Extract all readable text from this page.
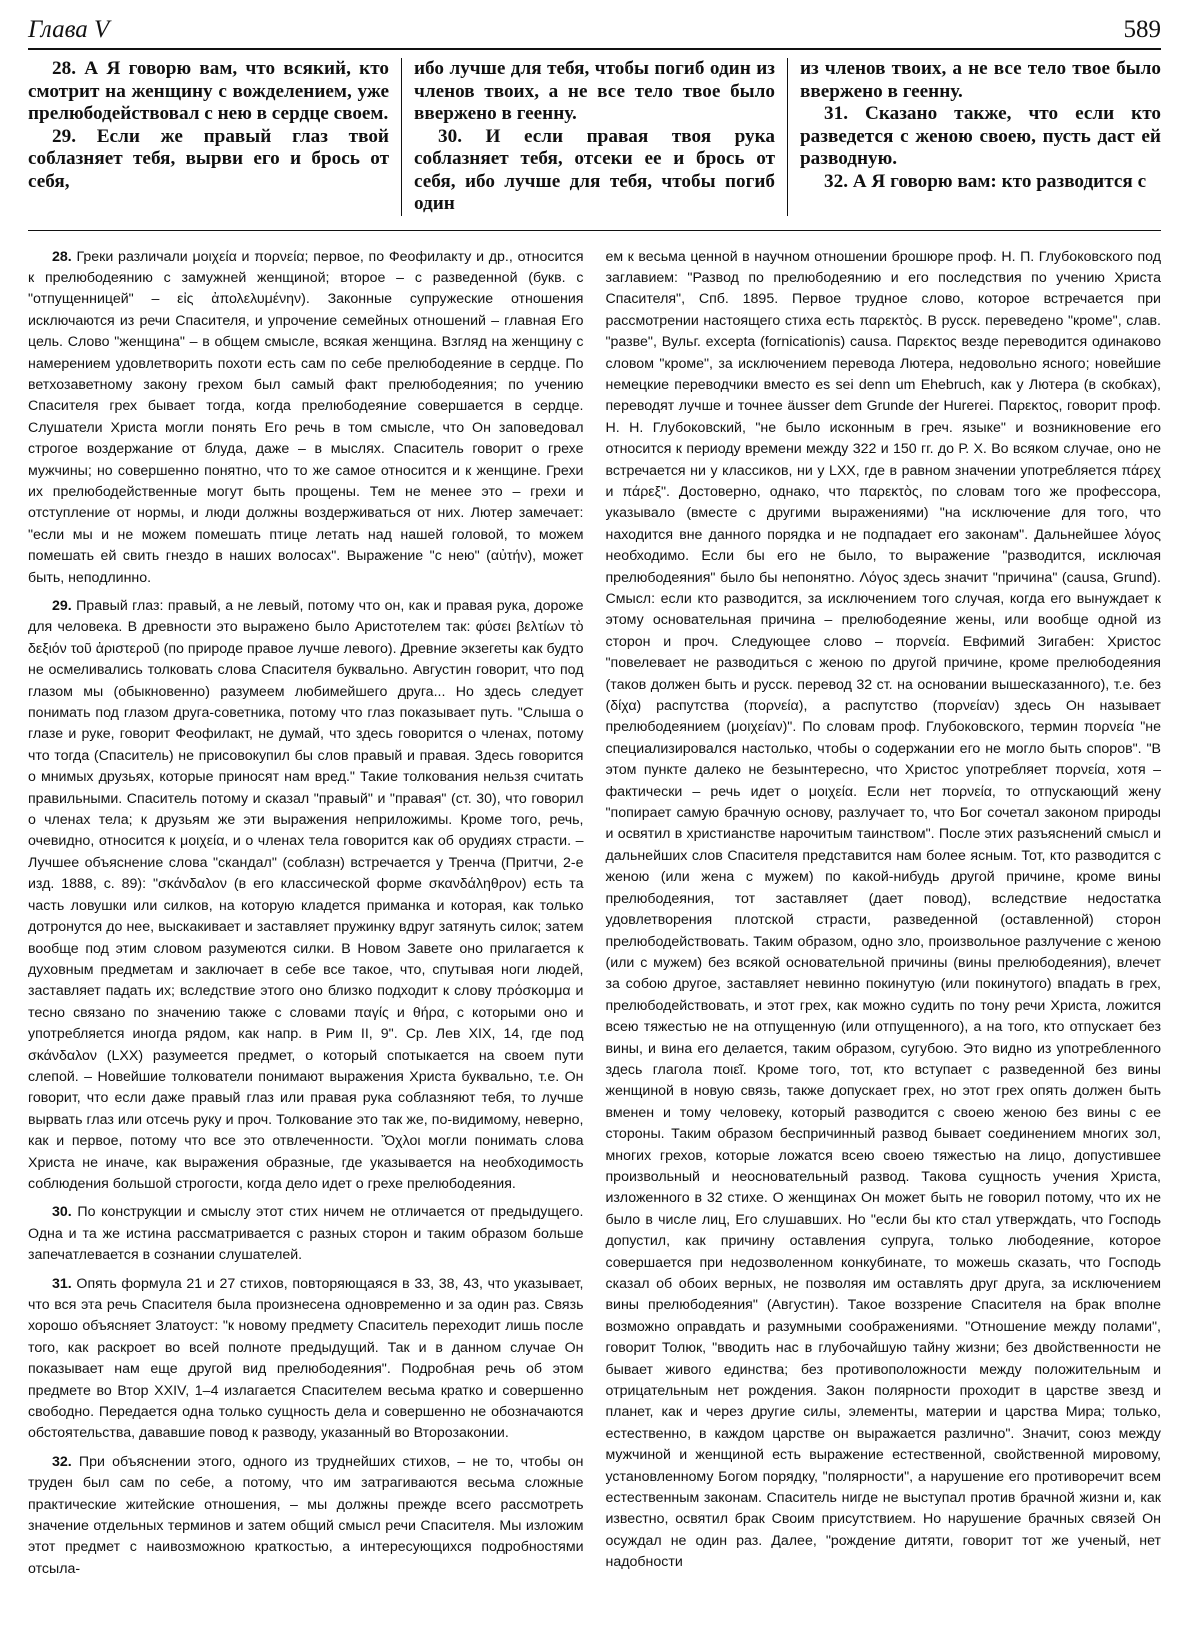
Глава V	589

28. А Я говорю вам, что всякий, кто смотрит на женщину с вожделением, уже прелюбодействовал с нею в сердце своем.

29. Если же правый глаз твой соблазняет тебя, вырви его и брось от себя,

ибо лучше для тебя, чтобы погиб один из членов твоих, а не все тело твое было ввержено в геенну.

30. И если правая твоя рука соблазняет тебя, отсеки ее и брось от себя, ибо лучше для тебя, чтобы погиб один

из членов твоих, а не все тело твое было ввержено в геенну.

31. Сказано также, что если кто разведется с женою своею, пусть даст ей разводную.

32. А Я говорю вам: кто разводится с

28. Греки различали μοιχεία и πορνεία; первое, по Феофилакту и др., относится к прелюбодеянию с замужней женщиной; второе – с разведенной (букв. с "отпущенницей" – εἰς ἀπολελυμένην). Законные супружеские отношения исключаются из речи Спасителя, и упрочение семейных отношений – главная Его цель. Слово "женщина" – в общем смысле, всякая женщина. Взгляд на женщину с намерением удовлетворить похоти есть сам по себе прелюбодеяние в сердце. По ветхозаветному закону грехом был самый факт прелюбодеяния; по учению Спасителя грех бывает тогда, когда прелюбодеяние совершается в сердце. Слушатели Христа могли понять Его речь в том смысле, что Он заповедовал строгое воздержание от блуда, даже – в мыслях. Спаситель говорит о грехе мужчины; но совершенно понятно, что то же самое относится и к женщине. Грехи их прелюбодейственные могут быть прощены. Тем не менее это – грехи и отступление от нормы, и люди должны воздерживаться от них. Лютер замечает: "если мы и не можем помешать птице летать над нашей головой, то можем помешать ей свить гнездо в наших волосах". Выражение "с нею" (αὐτήν), может быть, неподлинно.

29. Правый глаз: правый, а не левый, потому что он, как и правая рука, дороже для человека. В древности это выражено было Аристотелем так: φύσει βελτίων τὸ δεξιόν τοῦ ἀριστεροῦ (по природе правое лучше левого). Древние экзегеты как будто не осмеливались толковать слова Спасителя буквально. Августин говорит, что под глазом мы (обыкновенно) разумеем любимейшего друга... Но здесь следует понимать под глазом друга-советника, потому что глаз показывает путь. "Слыша о глазе и руке, говорит Феофилакт, не думай, что здесь говорится о членах, потому что тогда (Спаситель) не присовокупил бы слов правый и правая. Здесь говорится о мнимых друзьях, которые приносят нам вред." Такие толкования нельзя считать правильными. Спаситель потому и сказал "правый" и "правая" (ст. 30), что говорил о членах тела; к друзьям же эти выражения неприложимы. Кроме того, речь, очевидно, относится к μοιχεία, и о членах тела говорится как об орудиях страсти. – Лучшее объяснение слова "скандал" (соблазн) встречается у Тренча (Притчи, 2-е изд. 1888, с. 89): "σκάνδαλον (в его классической форме σκανδάληθρον) есть та часть ловушки или силков, на которую кладется приманка и которая, как только дотронутся до нее, выскакивает и заставляет пружинку вдруг затянуть силок; затем вообще под этим словом разумеются силки. В Новом Завете оно прилагается к духовным предметам и заключает в себе все такое, что, спутывая ноги людей, заставляет падать их; вследствие этого оно близко подходит к слову πρόσκομμα и тесно связано по значению также с словами παγίς и θήρα, с которыми оно и употребляется иногда рядом, как напр. в Рим II, 9". Ср. Лев XIX, 14, где под σκάνδαλον (LXX) разумеется предмет, о который спотыкается на своем пути слепой. – Новейшие толкователи понимают выражения Христа буквально, т.е. Он говорит, что если даже правый глаз или правая рука соблазняют тебя, то лучше вырвать глаз или отсечь руку и проч. Толкование это так же, по-видимому, неверно, как и первое, потому что все это отвлеченности. Ὄχλοι могли понимать слова Христа не иначе, как выражения образные, где указывается на необходимость соблюдения большой строгости, когда дело идет о грехе прелюбодеяния.

30. По конструкции и смыслу этот стих ничем не отличается от предыдущего. Одна и та же истина рассматривается с разных сторон и таким образом больше запечатлевается в сознании слушателей.

31. Опять формула 21 и 27 стихов, повторяющаяся в 33, 38, 43, что указывает, что вся эта речь Спасителя была произнесена одновременно и за один раз. Связь хорошо объясняет Златоуст: "к новому предмету Спаситель переходит лишь после того, как раскроет во всей полноте предыдущий. Так и в данном случае Он показывает нам еще другой вид прелюбодеяния". Подробная речь об этом предмете во Втор XXIV, 1–4 излагается Спасителем весьма кратко и совершенно свободно. Передается одна только сущность дела и совершенно не обозначаются обстоятельства, дававшие повод к разводу, указанный во Второзаконии.

32. При объяснении этого, одного из труднейших стихов, – не то, чтобы он труден был сам по себе, а потому, что им затрагиваются весьма сложные практические житейские отношения, – мы должны прежде всего рассмотреть значение отдельных терминов и затем общий смысл речи Спасителя. Мы изложим этот предмет с наивозможною краткостью, а интересующихся подробностями отсыла-

ем к весьма ценной в научном отношении брошюре проф. Н. П. Глубоковского под заглавием: "Развод по прелюбодеянию и его последствия по учению Христа Спасителя", Спб. 1895. Первое трудное слово, которое встречается при рассмотрении настоящего стиха есть παρεκτὸς. В русск. переведено "кроме", слав. "разве", Вульг. excepta (fornicationis) causa. Παρεκτος везде переводится одинаково словом "кроме", за исключением перевода Лютера, недовольно ясного; новейшие немецкие переводчики вместо es sei denn um Ehebruch, как у Лютера (в скобках), переводят лучше и точнее äusser dem Grunde der Hurerei. Παρεκτος, говорит проф. Н. Н. Глубоковский, "не было исконным в греч. языке" и возникновение его относится к периоду времени между 322 и 150 гг. до Р. Х. Во всяком случае, оно не встречается ни у классиков, ни у LXX, где в равном значении употребляется πάρεχ и πάρεξ". Достоверно, однако, что παρεκτὸς, по словам того же профессора, указывало (вместе с другими выражениями) "на исключение для того, что находится вне данного порядка и не подпадает его законам". Дальнейшее λόγος необходимо. Если бы его не было, то выражение "разводится, исключая прелюбодеяния" было бы непонятно. Λόγος здесь значит "причина" (causa, Grund). Смысл: если кто разводится, за исключением того случая, когда его вынуждает к этому основательная причина – прелюбодеяние жены, или вообще одной из сторон и проч. Следующее слово – πορνεία. Евфимий Зигабен: Христос "повелевает не разводиться с женою по другой причине, кроме прелюбодеяния (таков должен быть и русск. перевод 32 ст. на основании вышесказанного), т.е. без (δίχα) распутства (πορνεία), а распутство (πορνείαν) здесь Он называет прелюбодеянием (μοιχείαν)". По словам проф. Глубоковского, термин πορνεία "не специализировался настолько, чтобы о содержании его не могло быть споров". "В этом пункте далеко не безынтересно, что Христос употребляет πορνεία, хотя – фактически – речь идет о μοιχεία. Если нет πορνεία, то отпускающий жену "попирает самую брачную основу, разлучает то, что Бог сочетал законом природы и освятил в христианстве нарочитым таинством". После этих разъяснений смысл и дальнейших слов Спасителя представится нам более ясным. Тот, кто разводится с женою (или жена с мужем) по какой-нибудь другой причине, кроме вины прелюбодеяния, тот заставляет (дает повод), вследствие недостатка удовлетворения плотской страсти, разведенной (оставленной) сторон прелюбодействовать. Таким образом, одно зло, произвольное разлучение с женою (или с мужем) без всякой основательной причины (вины прелюбодеяния), влечет за собою другое, заставляет невинно покинутую (или покинутого) впадать в грех, прелюбодействовать, и этот грех, как можно судить по тону речи Христа, ложится всею тяжестью не на отпущенную (или отпущенного), а на того, кто отпускает без вины, и вина его делается, таким образом, сугубою. Это видно из употребленного здесь глагола ποιεῖ. Кроме того, тот, кто вступает с разведенной без вины женщиной в новую связь, также допускает грех, но этот грех опять должен быть вменен и тому человеку, который разводится с своею женою без вины с ее стороны. Таким образом беспричинный развод бывает соединением многих зол, многих грехов, которые ложатся всею своею тяжестью на лицо, допустившее произвольный и неосновательный развод. Такова сущность учения Христа, изложенного в 32 стихе. О женщинах Он может быть не говорил потому, что их не было в числе лиц, Его слушавших. Но "если бы кто стал утверждать, что Господь допустил, как причину оставления супруга, только любодеяние, которое совершается при недозволенном конкубинате, то можешь сказать, что Господь сказал об обоих верных, не позволяя им оставлять друг друга, за исключением вины прелюбодеяния" (Августин). Такое воззрение Спасителя на брак вполне возможно оправдать и разумными соображениями. "Отношение между полами", говорит Толюк, "вводить нас в глубочайшую тайну жизни; без двойственности не бывает живого единства; без противоположности между положительным и отрицательным нет рождения. Закон полярности проходит в царстве звезд и планет, как и через другие силы, элементы, материи и царства Мира; только, естественно, в каждом царстве он выражается различно". Значит, союз между мужчиной и женщиной есть выражение естественной, свойственной мировому, установленному Богом порядку, "полярности", а нарушение его противоречит всем естественным законам. Спаситель нигде не выступал против брачной жизни и, как известно, освятил брак Своим присутствием. Но нарушение брачных связей Он осуждал не один раз. Далее, "рождение дитяти, говорит тот же ученый, нет надобности
